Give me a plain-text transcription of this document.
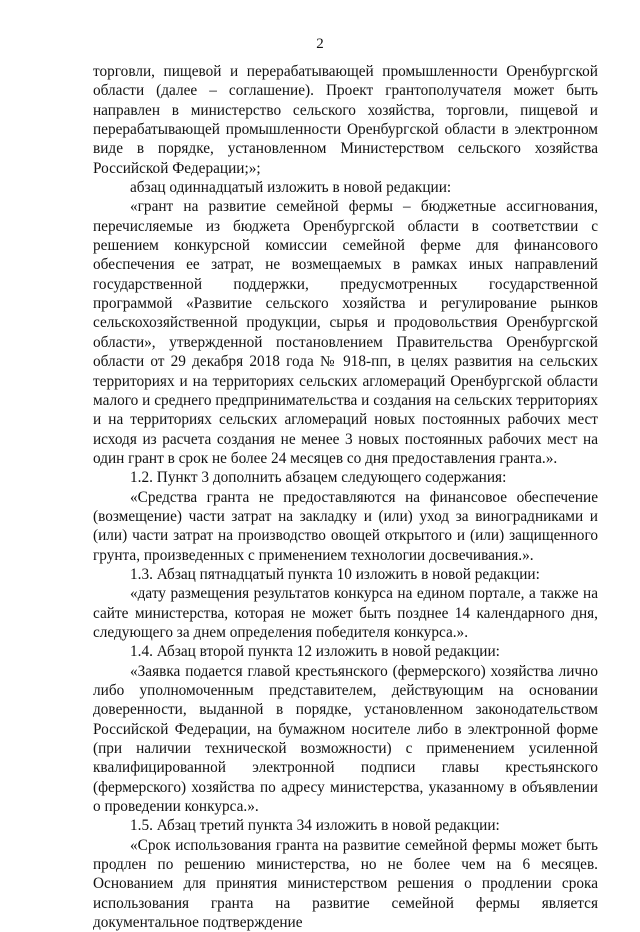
2

торговли, пищевой и перерабатывающей промышленности Оренбургской области (далее – соглашение). Проект грантополучателя может быть направлен в министерство сельского хозяйства, торговли, пищевой и перерабатывающей промышленности Оренбургской области в электронном виде в порядке, установленном Министерством сельского хозяйства Российской Федерации;»;

абзац одиннадцатый изложить в новой редакции:

«грант на развитие семейной фермы – бюджетные ассигнования, перечисляемые из бюджета Оренбургской области в соответствии с решением конкурсной комиссии семейной ферме для финансового обеспечения ее затрат, не возмещаемых в рамках иных направлений государственной поддержки, предусмотренных государственной программой «Развитие сельского хозяйства и регулирование рынков сельскохозяйственной продукции, сырья и продовольствия Оренбургской области», утвержденной постановлением Правительства Оренбургской области от 29 декабря 2018 года № 918-пп, в целях развития на сельских территориях и на территориях сельских агломераций Оренбургской области малого и среднего предпринимательства и создания на сельских территориях и на территориях сельских агломераций новых постоянных рабочих мест исходя из расчета создания не менее 3 новых постоянных рабочих мест на один грант в срок не более 24 месяцев со дня предоставления гранта.».

1.2. Пункт 3 дополнить абзацем следующего содержания:

«Средства гранта не предоставляются на финансовое обеспечение (возмещение) части затрат на закладку и (или) уход за виноградниками и (или) части затрат на производство овощей открытого и (или) защищенного грунта, произведенных с применением технологии досвечивания.».

1.3. Абзац пятнадцатый пункта 10 изложить в новой редакции:

«дату размещения результатов конкурса на едином портале, а также на сайте министерства, которая не может быть позднее 14 календарного дня, следующего за днем определения победителя конкурса.».

1.4. Абзац второй пункта 12 изложить в новой редакции:

«Заявка подается главой крестьянского (фермерского) хозяйства лично либо уполномоченным представителем, действующим на основании доверенности, выданной в порядке, установленном законодательством Российской Федерации, на бумажном носителе либо в электронной форме (при наличии технической возможности) с применением усиленной квалифицированной электронной подписи главы крестьянского (фермерского) хозяйства по адресу министерства, указанному в объявлении о проведении конкурса.».

1.5. Абзац третий пункта 34 изложить в новой редакции:

«Срок использования гранта на развитие семейной фермы может быть продлен по решению министерства, но не более чем на 6 месяцев. Основанием для принятия министерством решения о продлении срока использования гранта на развитие семейной фермы является документальное подтверждение
